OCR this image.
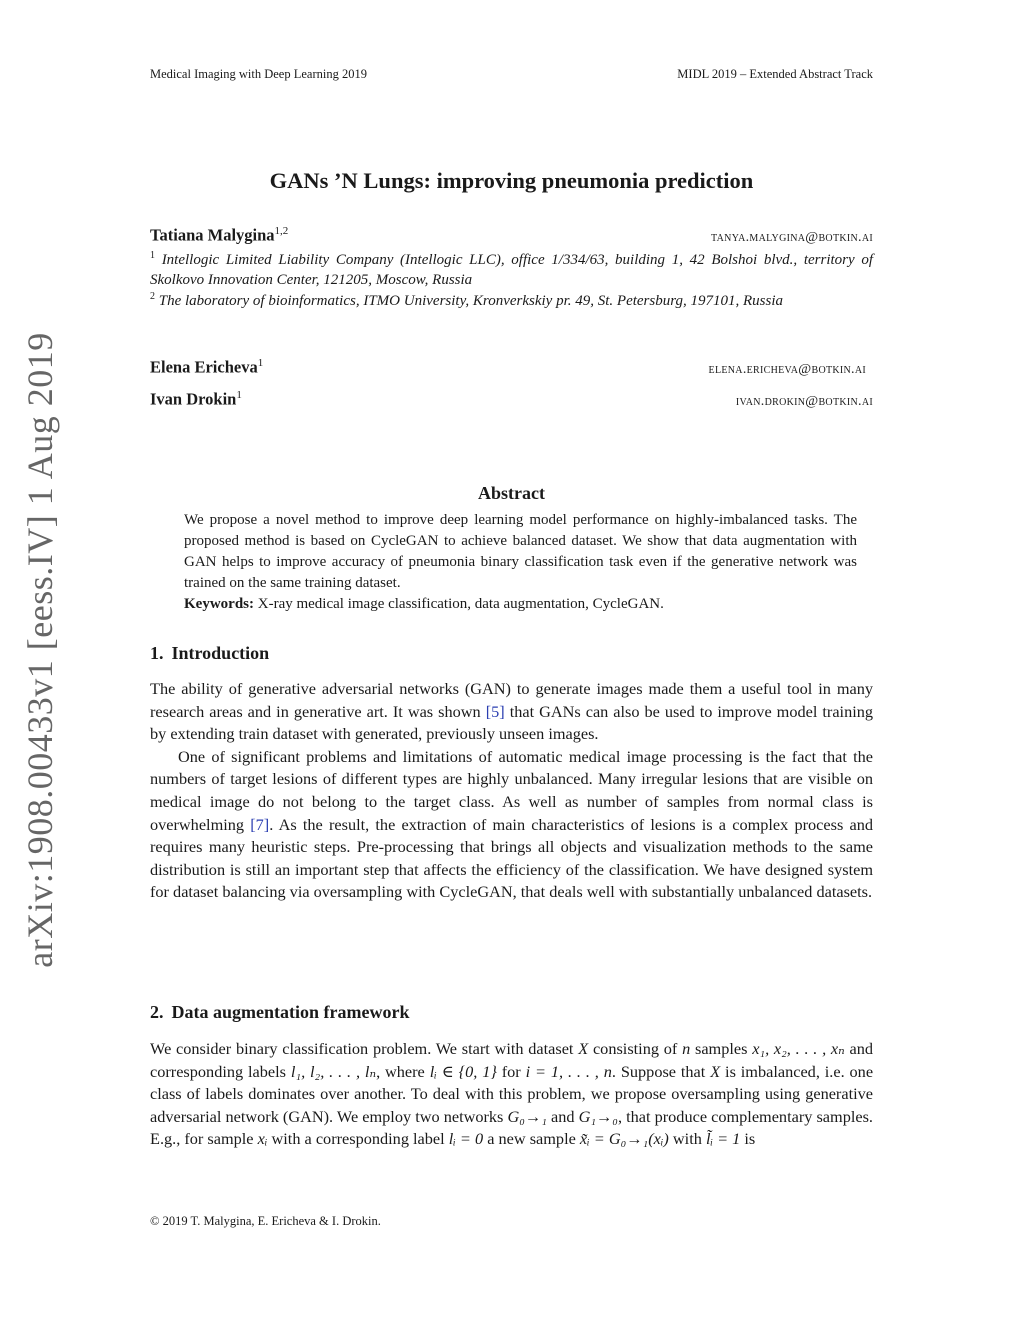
Medical Imaging with Deep Learning 2019	MIDL 2019 – Extended Abstract Track
arXiv:1908.00433v1 [eess.IV] 1 Aug 2019
GANs ’N Lungs: improving pneumonia prediction
Tatiana Malygina$^{1,2}$	tanya.malygina@botkin.ai
$^1$ Intellogic Limited Liability Company (Intellogic LLC), office 1/334/63, building 1, 42 Bolshoi blvd., territory of Skolkovo Innovation Center, 121205, Moscow, Russia
$^2$ The laboratory of bioinformatics, ITMO University, Kronverkskiy pr. 49, St. Petersburg, 197101, Russia
Elena Ericheva$^1$	elena.ericheva@botkin.ai
Ivan Drokin$^1$	ivan.drokin@botkin.ai
Abstract
We propose a novel method to improve deep learning model performance on highly-imbalanced tasks. The proposed method is based on CycleGAN to achieve balanced dataset. We show that data augmentation with GAN helps to improve accuracy of pneumonia binary classification task even if the generative network was trained on the same training dataset.
Keywords: X-ray medical image classification, data augmentation, CycleGAN.
1. Introduction
The ability of generative adversarial networks (GAN) to generate images made them a useful tool in many research areas and in generative art. It was shown [5] that GANs can also be used to improve model training by extending train dataset with generated, previously unseen images.
One of significant problems and limitations of automatic medical image processing is the fact that the numbers of target lesions of different types are highly unbalanced. Many irregular lesions that are visible on medical image do not belong to the target class. As well as number of samples from normal class is overwhelming [7]. As the result, the extraction of main characteristics of lesions is a complex process and requires many heuristic steps. Pre-processing that brings all objects and visualization methods to the same distribution is still an important step that affects the efficiency of the classification. We have designed system for dataset balancing via oversampling with CycleGAN, that deals well with substantially unbalanced datasets.
2. Data augmentation framework
We consider binary classification problem. We start with dataset X consisting of n samples x₁, x₂, . . . , xₙ and corresponding labels l₁, l₂, . . . , lₙ, where lᵢ ∈ {0, 1} for i = 1, . . . , n. Suppose that X is imbalanced, i.e. one class of labels dominates over another. To deal with this problem, we propose oversampling using generative adversarial network (GAN). We employ two networks G₀→₁ and G₁→₀, that produce complementary samples. E.g., for sample xᵢ with a corresponding label lᵢ = 0 a new sample x̃ᵢ = G₀→₁(xᵢ) with l̃ᵢ = 1 is
© 2019 T. Malygina, E. Ericheva & I. Drokin.
